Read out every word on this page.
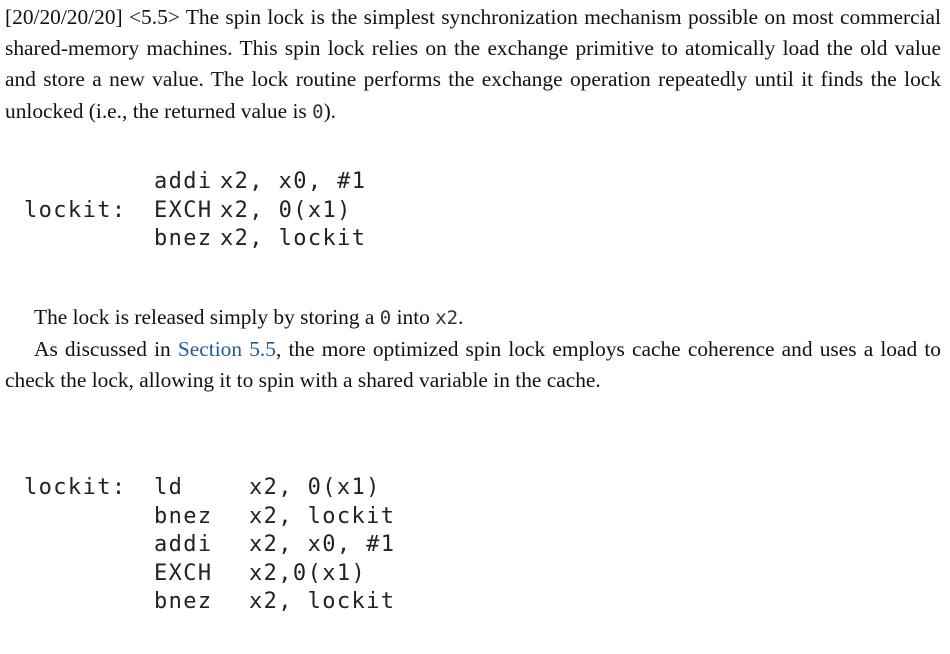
[20/20/20/20] <5.5> The spin lock is the simplest synchronization mechanism possible on most commercial shared-memory machines. This spin lock relies on the exchange primitive to atomically load the old value and store a new value. The lock routine performs the exchange operation repeatedly until it finds the lock unlocked (i.e., the returned value is 0).

addi x2, x0, #1
lockit: EXCH x2, 0(x1)
bnez x2, lockit

The lock is released simply by storing a 0 into x2.

As discussed in Section 5.5, the more optimized spin lock employs cache coherence and uses a load to check the lock, allowing it to spin with a shared variable in the cache.

lockit: ld	x2, 0(x1)
bnez x2, lockit
addi x2, x0, #1
EXCH x2,0(x1)
bnez x2, lockit
